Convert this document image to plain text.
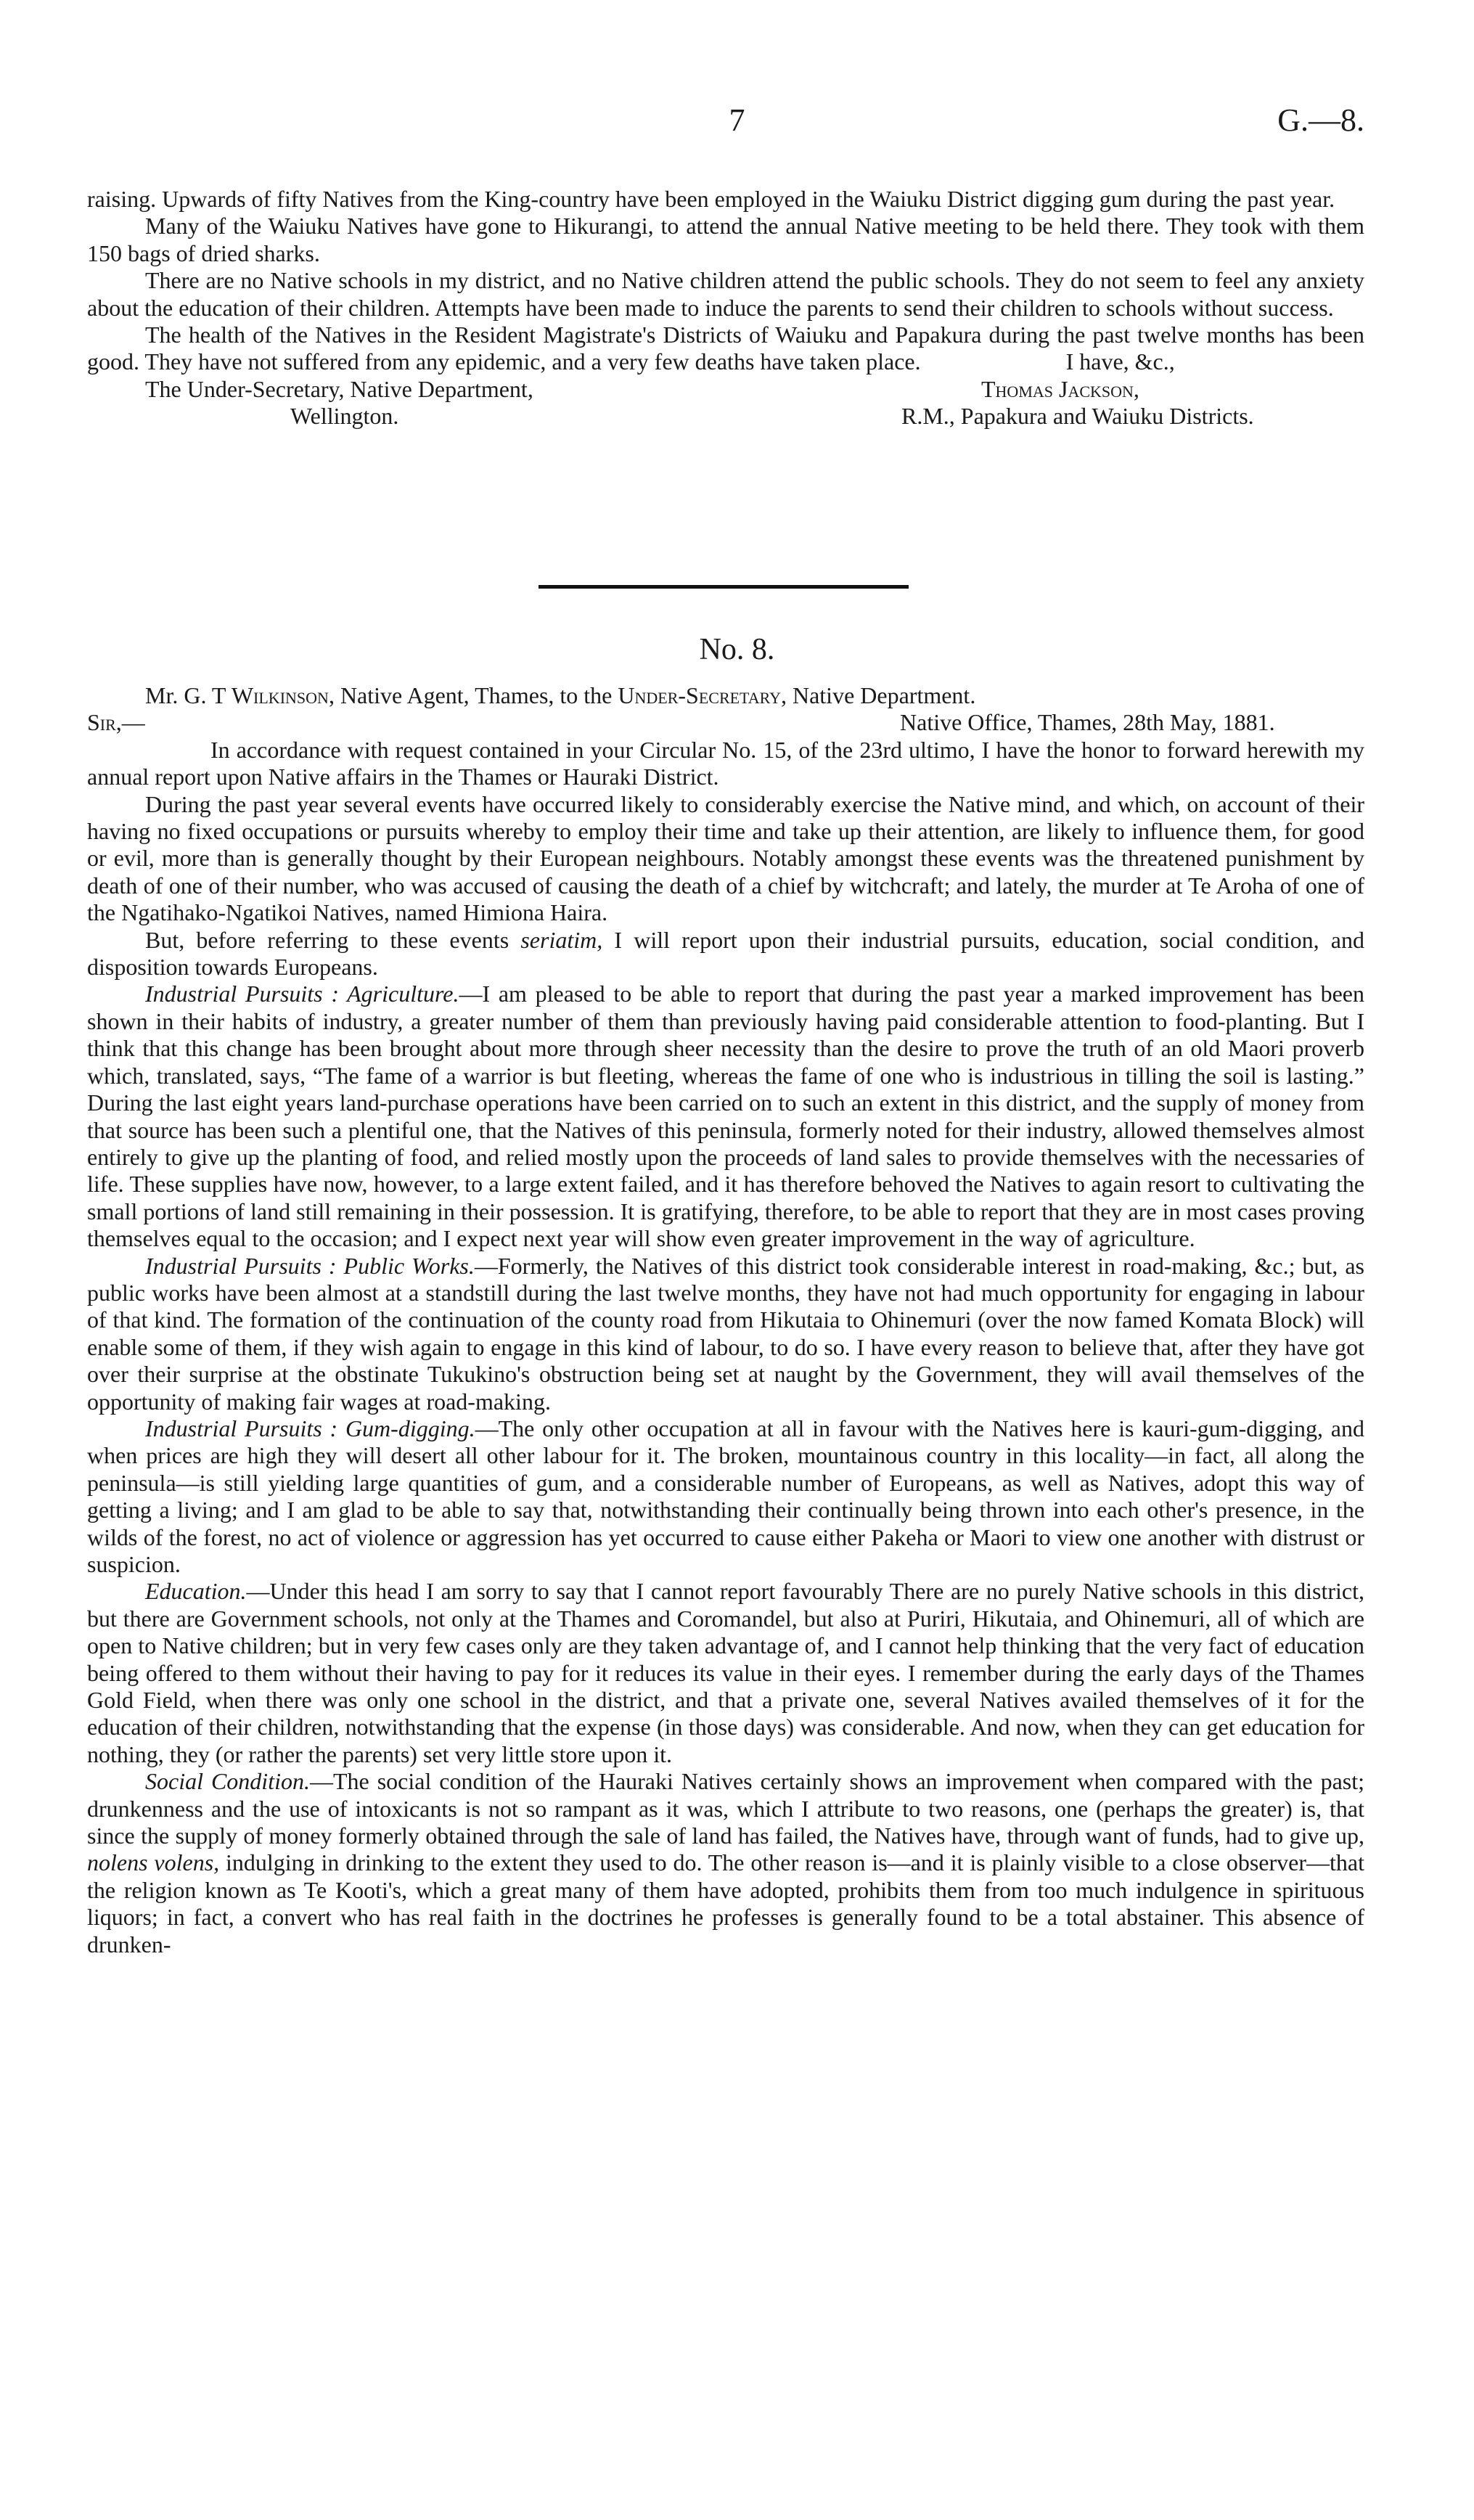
7	G.—8.

raising. Upwards of fifty Natives from the King-country have been employed in the Waiuku District digging gum during the past year.

Many of the Waiuku Natives have gone to Hikurangi, to attend the annual Native meeting to be held there. They took with them 150 bags of dried sharks.

There are no Native schools in my district, and no Native children attend the public schools. They do not seem to feel any anxiety about the education of their children. Attempts have been made to induce the parents to send their children to schools without success.

The health of the Natives in the Resident Magistrate's Districts of Waiuku and Papakura during the past twelve months has been good. They have not suffered from any epidemic, and a very few deaths have taken place.	I have, &c.,

The Under-Secretary, Native Department,	Thomas Jackson,
Wellington.	R.M., Papakura and Waiuku Districts.
No. 8.

Mr. G. T Wilkinson, Native Agent, Thames, to the Under-Secretary, Native Department.

Sir,—	Native Office, Thames, 28th May, 1881.

In accordance with request contained in your Circular No. 15, of the 23rd ultimo, I have the honor to forward herewith my annual report upon Native affairs in the Thames or Hauraki District.

During the past year several events have occurred likely to considerably exercise the Native mind, and which, on account of their having no fixed occupations or pursuits whereby to employ their time and take up their attention, are likely to influence them, for good or evil, more than is generally thought by their European neighbours. Notably amongst these events was the threatened punishment by death of one of their number, who was accused of causing the death of a chief by witchcraft; and lately, the murder at Te Aroha of one of the Ngatihako-Ngatikoi Natives, named Himiona Haira.

But, before referring to these events seriatim, I will report upon their industrial pursuits, education, social condition, and disposition towards Europeans.

Industrial Pursuits : Agriculture.—I am pleased to be able to report that during the past year a marked improvement has been shown in their habits of industry, a greater number of them than previously having paid considerable attention to food-planting. But I think that this change has been brought about more through sheer necessity than the desire to prove the truth of an old Maori proverb which, translated, says, “The fame of a warrior is but fleeting, whereas the fame of one who is industrious in tilling the soil is lasting.” During the last eight years land-purchase operations have been carried on to such an extent in this district, and the supply of money from that source has been such a plentiful one, that the Natives of this peninsula, formerly noted for their industry, allowed themselves almost entirely to give up the planting of food, and relied mostly upon the proceeds of land sales to provide themselves with the necessaries of life. These supplies have now, however, to a large extent failed, and it has therefore behoved the Natives to again resort to cultivating the small portions of land still remaining in their possession. It is gratifying, therefore, to be able to report that they are in most cases proving themselves equal to the occasion; and I expect next year will show even greater improvement in the way of agriculture.

Industrial Pursuits : Public Works.—Formerly, the Natives of this district took considerable interest in road-making, &c.; but, as public works have been almost at a standstill during the last twelve months, they have not had much opportunity for engaging in labour of that kind. The formation of the continuation of the county road from Hikutaia to Ohinemuri (over the now famed Komata Block) will enable some of them, if they wish again to engage in this kind of labour, to do so. I have every reason to believe that, after they have got over their surprise at the obstinate Tukukino's obstruction being set at naught by the Government, they will avail themselves of the opportunity of making fair wages at road-making.

Industrial Pursuits : Gum-digging.—The only other occupation at all in favour with the Natives here is kauri-gum-digging, and when prices are high they will desert all other labour for it. The broken, mountainous country in this locality—in fact, all along the peninsula—is still yielding large quantities of gum, and a considerable number of Europeans, as well as Natives, adopt this way of getting a living; and I am glad to be able to say that, notwithstanding their continually being thrown into each other's presence, in the wilds of the forest, no act of violence or aggression has yet occurred to cause either Pakeha or Maori to view one another with distrust or suspicion.

Education.—Under this head I am sorry to say that I cannot report favourably There are no purely Native schools in this district, but there are Government schools, not only at the Thames and Coromandel, but also at Puriri, Hikutaia, and Ohinemuri, all of which are open to Native children; but in very few cases only are they taken advantage of, and I cannot help thinking that the very fact of education being offered to them without their having to pay for it reduces its value in their eyes. I remember during the early days of the Thames Gold Field, when there was only one school in the district, and that a private one, several Natives availed themselves of it for the education of their children, notwithstanding that the expense (in those days) was considerable. And now, when they can get education for nothing, they (or rather the parents) set very little store upon it.

Social Condition.—The social condition of the Hauraki Natives certainly shows an improvement when compared with the past; drunkenness and the use of intoxicants is not so rampant as it was, which I attribute to two reasons, one (perhaps the greater) is, that since the supply of money formerly obtained through the sale of land has failed, the Natives have, through want of funds, had to give up, nolens volens, indulging in drinking to the extent they used to do. The other reason is—and it is plainly visible to a close observer—that the religion known as Te Kooti's, which a great many of them have adopted, prohibits them from too much indulgence in spirituous liquors; in fact, a convert who has real faith in the doctrines he professes is generally found to be a total abstainer. This absence of drunken-
